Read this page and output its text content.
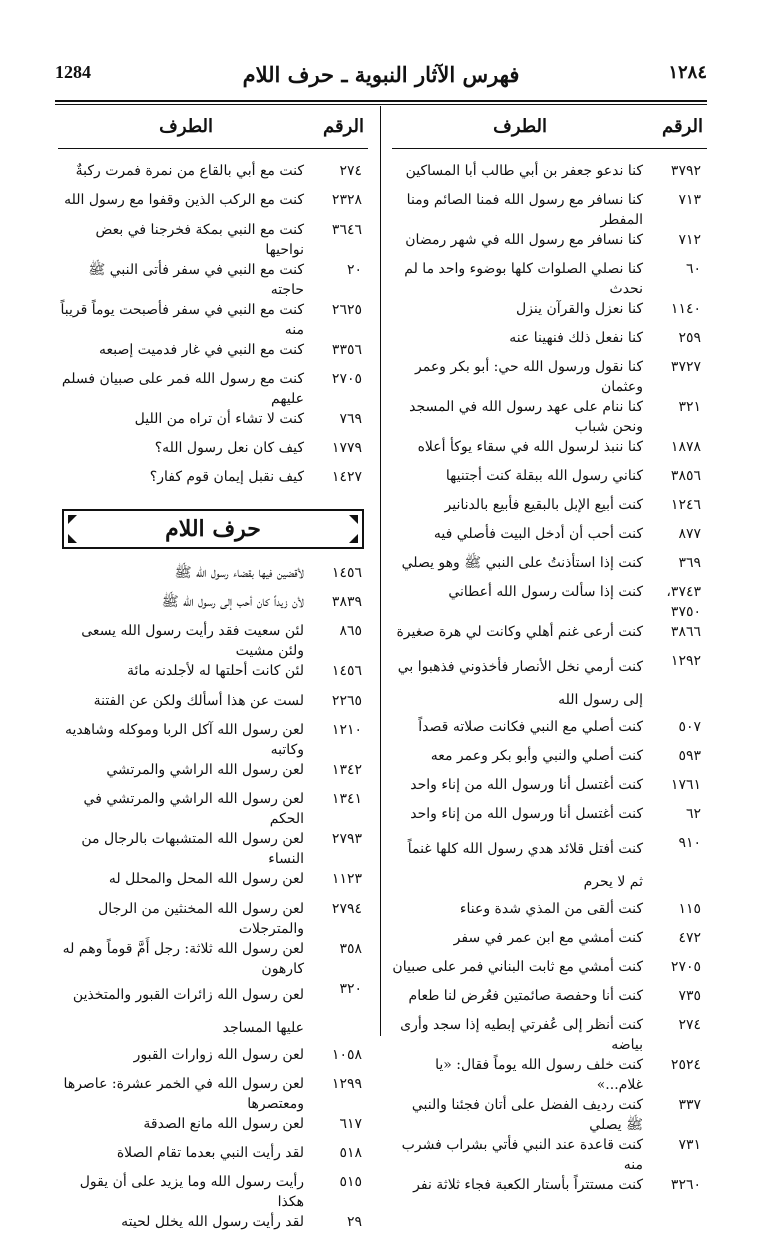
١٢٨٤
فهرس الآثار النبوية ـ حرف اللام
1284
الرقم
الطرف
٣٧٩٢
كنا ندعو جعفر بن أبي طالب أبا المساكين
٧١٣
كنا نسافر مع رسول الله فمنا الصائم ومنا المفطر
٧١٢
كنا نسافر مع رسول الله في شهر رمضان
٦٠
كنا نصلي الصلوات كلها بوضوء واحد ما لم نحدث
١١٤٠
كنا نعزل والقرآن ينزل
٢٥٩
كنا نفعل ذلك فنهينا عنه
٣٧٢٧
كنا نقول ورسول الله حي: أبو بكر وعمر وعثمان
٣٢١
كنا ننام على عهد رسول الله في المسجد ونحن شباب
١٨٧٨
كنا ننبذ لرسول الله في سقاء يوكأ أعلاه
٣٨٥٦
كناني رسول الله ببقلة كنت أجتنيها
١٢٤٦
كنت أبيع الإبل بالبقيع فأبيع بالدنانير
٨٧٧
كنت أحب أن أدخل البيت فأصلي فيه
٣٦٩
كنت إذا استأذنتُ على النبي ﷺ وهو يصلي
٣٧٤٣، ٣٧٥٠
كنت إذا سألت رسول الله أعطاني
٣٨٦٦
كنت أرعى غنم أهلي وكانت لي هرة صغيرة
١٢٩٢
كنت أرمي نخل الأنصار فأخذوني فذهبوا بي إلى رسول الله
٥٠٧
كنت أصلي مع النبي فكانت صلاته قصداً
٥٩٣
كنت أصلي والنبي وأبو بكر وعمر معه
١٧٦١
كنت أغتسل أنا ورسول الله من إناء واحد
٦٢
كنت أغتسل أنا ورسول الله من إناء واحد
٩١٠
كنت أفتل قلائد هدي رسول الله كلها غنماً ثم لا يحرم
١١٥
كنت ألقى من المذي شدة وعناء
٤٧٢
كنت أمشي مع ابن عمر في سفر
٢٧٠٥
كنت أمشي مع ثابت البناني فمر على صبيان
٧٣٥
كنت أنا وحفصة صائمتين فعُرض لنا طعام
٢٧٤
كنت أنظر إلى عُفرتي إبطيه إذا سجد وأرى بياضه
٢٥٢٤
كنت خلف رسول الله يوماً فقال: «يا غلام...»
٣٣٧
كنت رديف الفضل على أتان فجئنا والنبي ﷺ يصلي
٧٣١
كنت قاعدة عند النبي فأتي بشراب فشرب منه
٣٢٦٠
كنت مستتراً بأستار الكعبة فجاء ثلاثة نفر
الرقم
الطرف
٢٧٤
كنت مع أبي بالقاع من نمرة فمرت ركبةٌ
٢٣٢٨
كنت مع الركب الذين وقفوا مع رسول الله
٣٦٤٦
كنت مع النبي بمكة فخرجنا في بعض نواحيها
٢٠
كنت مع النبي في سفر فأتى النبي ﷺ حاجته
٢٦٢٥
كنت مع النبي في سفر فأصبحت يوماً قريباً منه
٣٣٥٦
كنت مع النبي في غار فدميت إصبعه
٢٧٠٥
كنت مع رسول الله فمر على صبيان فسلم عليهم
٧٦٩
كنت لا تشاء أن تراه من الليل
١٧٧٩
كيف كان نعل رسول الله؟
١٤٢٧
كيف نقبل إيمان قوم كفار؟
حرف اللام
١٤٥٦
لأقضين فيها بقضاء رسول الله ﷺ
٣٨٣٩
لأن زيداً كان أحب إلى رسول الله ﷺ
٨٦٥
لئن سعيت فقد رأيت رسول الله يسعى ولئن مشيت
١٤٥٦
لئن كانت أحلتها له لأجلدنه مائة
٢٢٦٥
لست عن هذا أسألك ولكن عن الفتنة
١٢١٠
لعن رسول الله آكل الربا وموكله وشاهديه وكاتبه
١٣٤٢
لعن رسول الله الراشي والمرتشي
١٣٤١
لعن رسول الله الراشي والمرتشي في الحكم
٢٧٩٣
لعن رسول الله المتشبهات بالرجال من النساء
١١٢٣
لعن رسول الله المحل والمحلل له
٢٧٩٤
لعن رسول الله المخنثين من الرجال والمترجلات
٣٥٨
لعن رسول الله ثلاثة: رجل أَمَّ قوماً وهم له كارهون
٣٢٠
لعن رسول الله زائرات القبور والمتخذين عليها المساجد
١٠٥٨
لعن رسول الله زوارات القبور
١٢٩٩
لعن رسول الله في الخمر عشرة: عاصرها ومعتصرها
٦١٧
لعن رسول الله مانع الصدقة
٥١٨
لقد رأيت النبي بعدما تقام الصلاة
٥١٥
رأيت رسول الله وما يزيد على أن يقول هكذا
٢٩
لقد رأيت رسول الله يخلل لحيته
